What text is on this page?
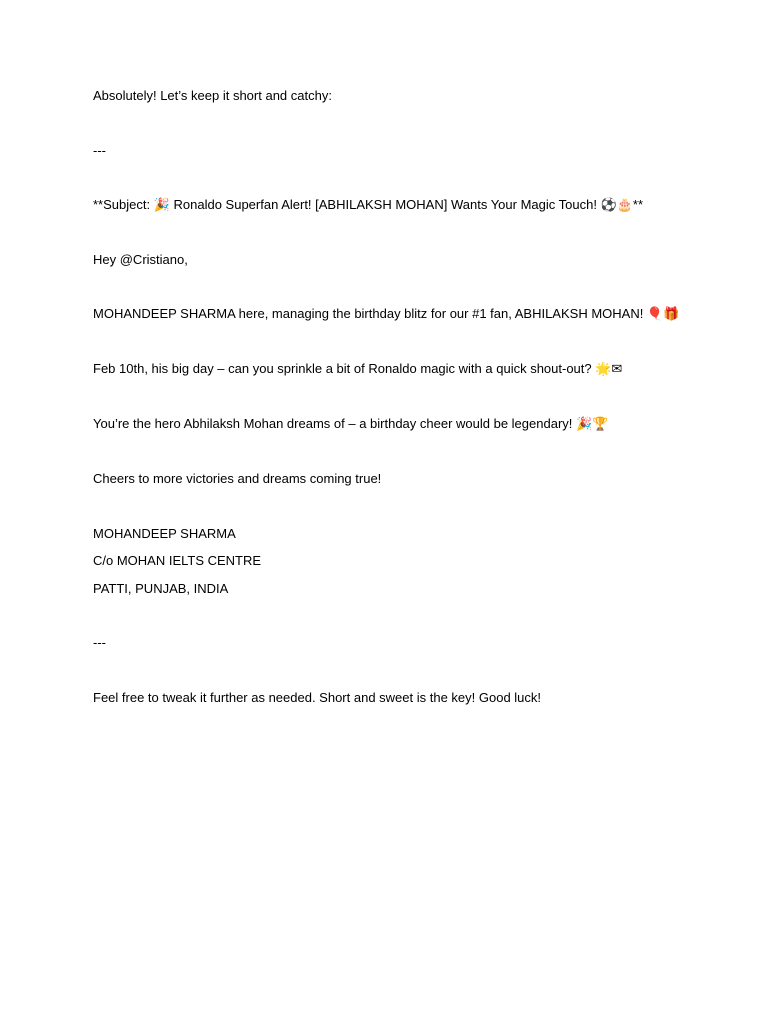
Absolutely! Let’s keep it short and catchy:
---
**Subject: 🎉 Ronaldo Superfan Alert! [ABHILAKSH MOHAN] Wants Your Magic Touch! ⚽🎂**
Hey @Cristiano,
MOHANDEEP SHARMA here, managing the birthday blitz for our #1 fan, ABHILAKSH MOHAN! 🎈🎁
Feb 10th, his big day – can you sprinkle a bit of Ronaldo magic with a quick shout-out? 🌟✉
You’re the hero Abhilaksh Mohan dreams of – a birthday cheer would be legendary! 🎉🏆
Cheers to more victories and dreams coming true!
MOHANDEEP SHARMA
C/o MOHAN IELTS CENTRE
PATTI, PUNJAB, INDIA
---
Feel free to tweak it further as needed. Short and sweet is the key! Good luck!
